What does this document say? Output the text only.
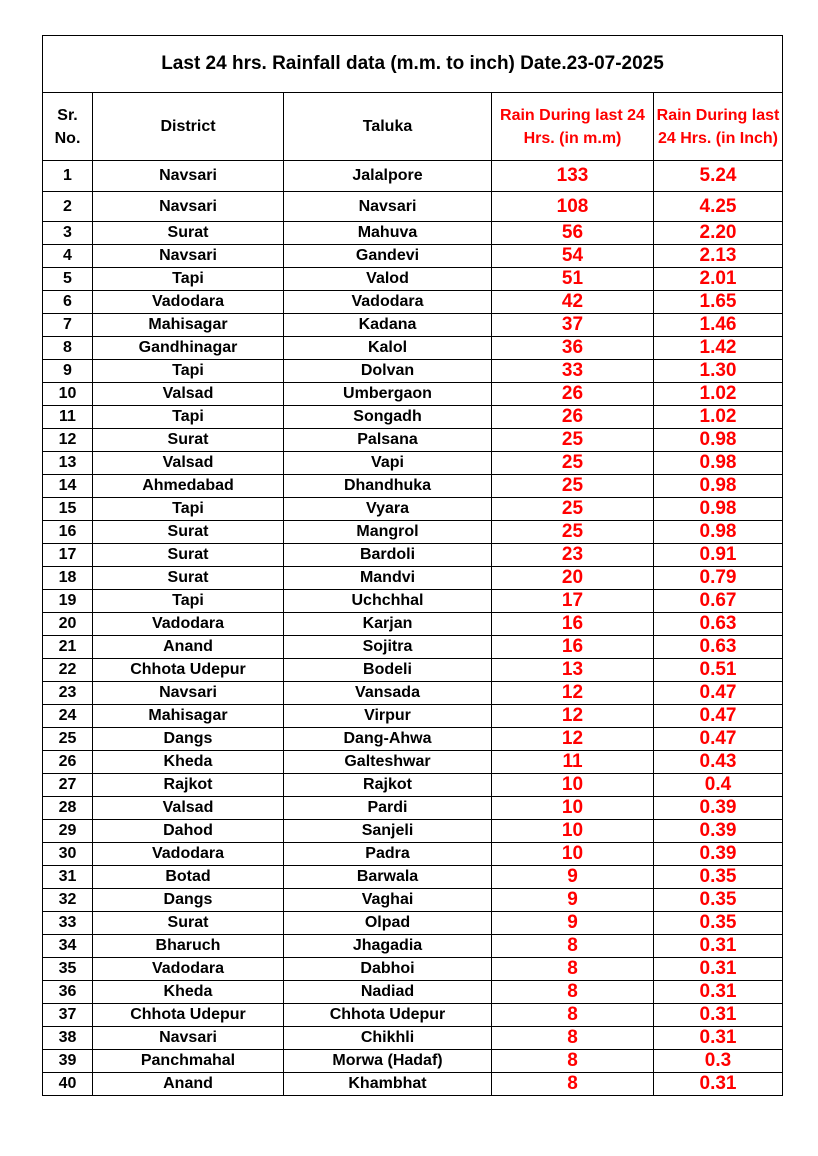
Last 24 hrs. Rainfall data (m.m. to inch) Date.23-07-2025				
Sr. No.	District	Taluka	Rain During last 24 Hrs. (in m.m)	Rain During last 24 Hrs. (in Inch)
1	Navsari	Jalalpore	133	5.24
2	Navsari	Navsari	108	4.25
3	Surat	Mahuva	56	2.20
4	Navsari	Gandevi	54	2.13
5	Tapi	Valod	51	2.01
6	Vadodara	Vadodara	42	1.65
7	Mahisagar	Kadana	37	1.46
8	Gandhinagar	Kalol	36	1.42
9	Tapi	Dolvan	33	1.30
10	Valsad	Umbergaon	26	1.02
11	Tapi	Songadh	26	1.02
12	Surat	Palsana	25	0.98
13	Valsad	Vapi	25	0.98
14	Ahmedabad	Dhandhuka	25	0.98
15	Tapi	Vyara	25	0.98
16	Surat	Mangrol	25	0.98
17	Surat	Bardoli	23	0.91
18	Surat	Mandvi	20	0.79
19	Tapi	Uchchhal	17	0.67
20	Vadodara	Karjan	16	0.63
21	Anand	Sojitra	16	0.63
22	Chhota Udepur	Bodeli	13	0.51
23	Navsari	Vansada	12	0.47
24	Mahisagar	Virpur	12	0.47
25	Dangs	Dang-Ahwa	12	0.47
26	Kheda	Galteshwar	11	0.43
27	Rajkot	Rajkot	10	0.4
28	Valsad	Pardi	10	0.39
29	Dahod	Sanjeli	10	0.39
30	Vadodara	Padra	10	0.39
31	Botad	Barwala	9	0.35
32	Dangs	Vaghai	9	0.35
33	Surat	Olpad	9	0.35
34	Bharuch	Jhagadia	8	0.31
35	Vadodara	Dabhoi	8	0.31
36	Kheda	Nadiad	8	0.31
37	Chhota Udepur	Chhota Udepur	8	0.31
38	Navsari	Chikhli	8	0.31
39	Panchmahal	Morwa (Hadaf)	8	0.3
40	Anand	Khambhat	8	0.31
